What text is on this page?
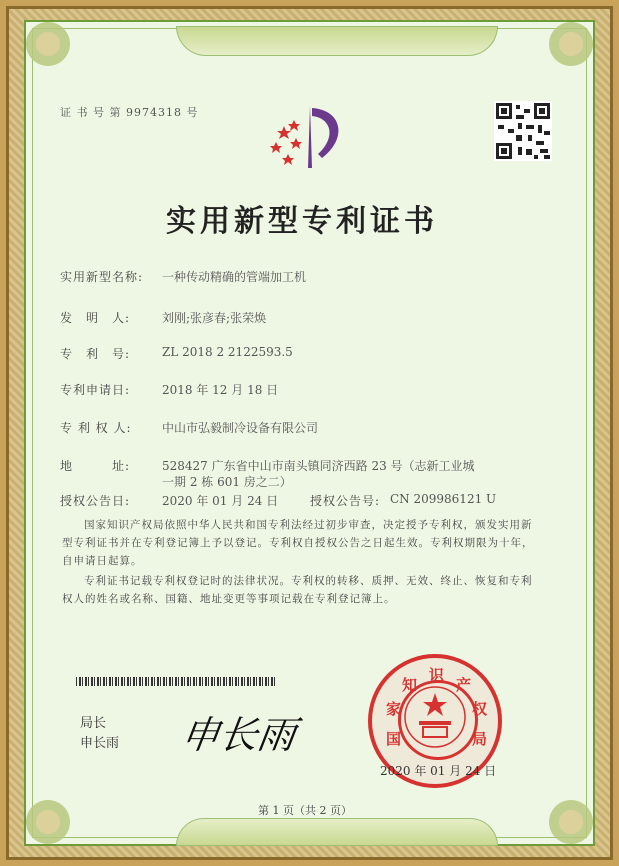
证 书 号 第 9974318 号
实用新型专利证书
实用新型名称: 一种传动精确的管端加工机
发　明　人:	刘刚;张彦春;张荣焕
专　利　号:	ZL 2018 2 2122593.5
专利申请日:	2018 年 12 月 18 日
专 利 权 人:	中山市弘毅制冷设备有限公司
地　　　址:	528427 广东省中山市南头镇同济西路 23 号（志新工业城
一期 2 栋 601 房之二）
授权公告日:	2020 年 01 月 24 日	授权公告号: CN 209986121 U
国家知识产权局依照中华人民共和国专利法经过初步审查，决定授予专利权，颁发实用新型专利证书并在专利登记簿上予以登记。专利权自授权公告之日起生效。专利权期限为十年，自申请日起算。
专利证书记载专利权登记时的法律状况。专利权的转移、质押、无效、终止、恢复和专利权人的姓名或名称、国籍、地址变更等事项记载在专利登记簿上。
局长
申长雨 申长雨	国
家
知
识
产
权
局
2020 年 01 月 24 日
第 1 页（共 2 页）
